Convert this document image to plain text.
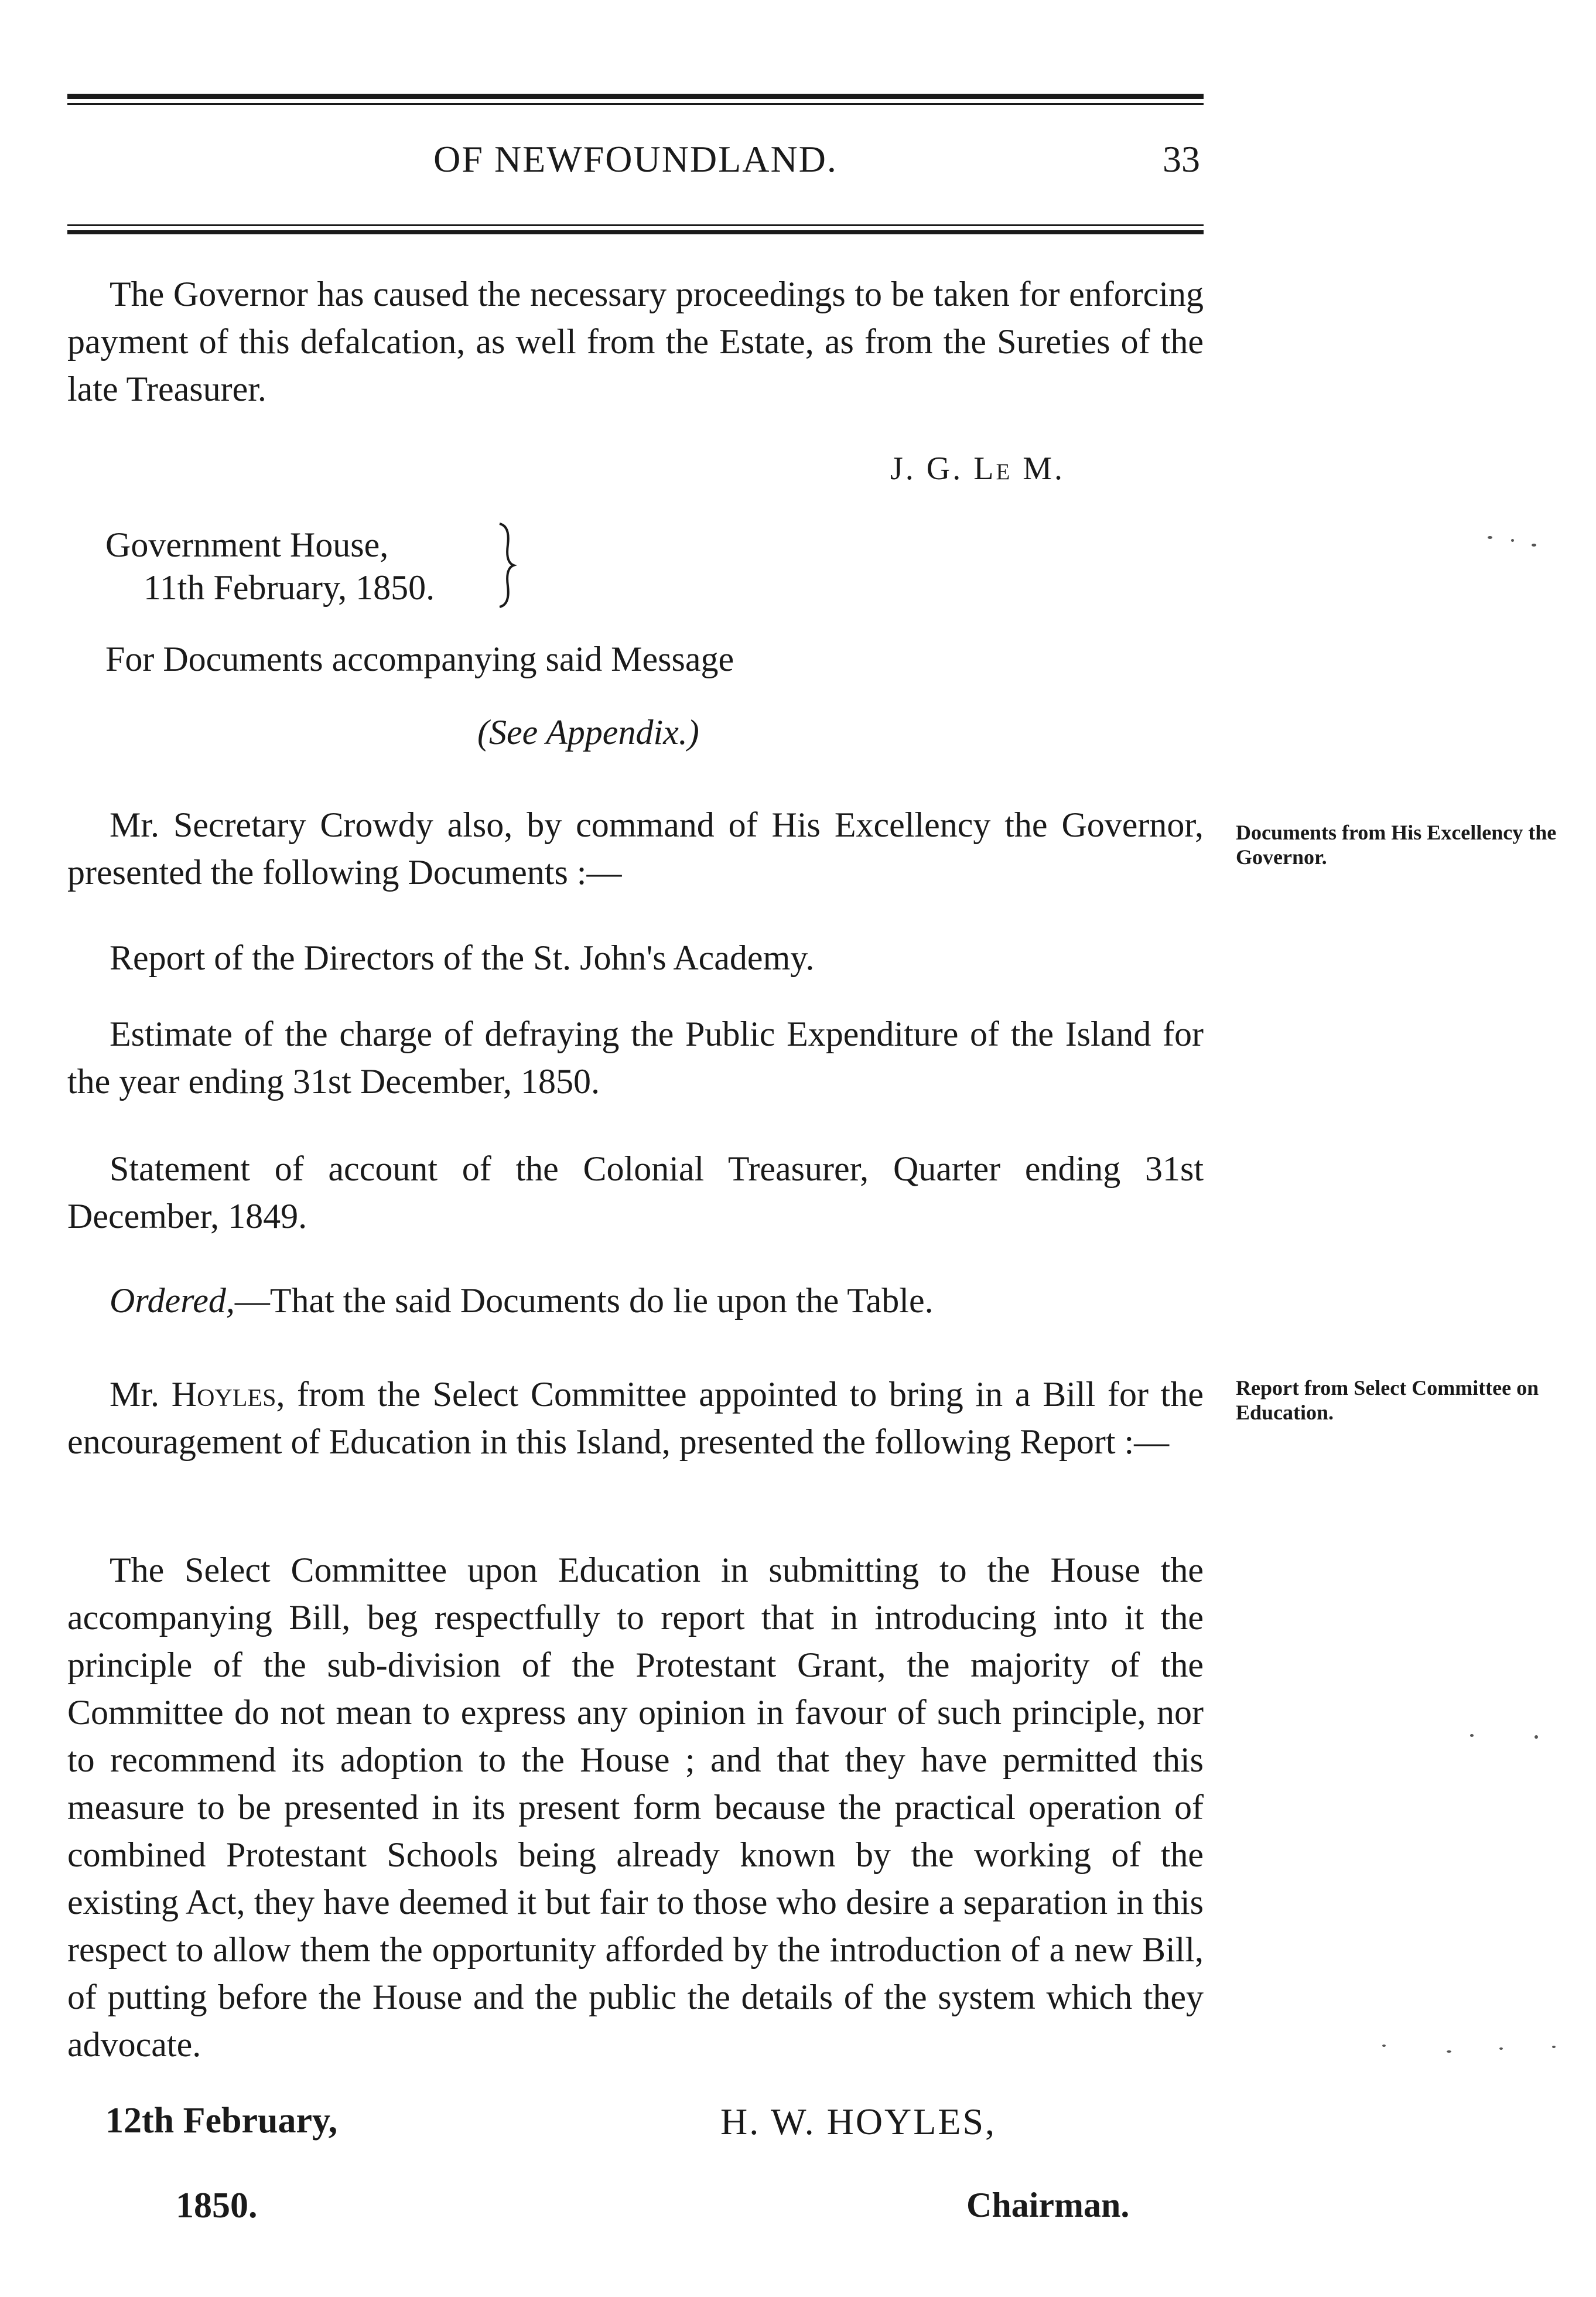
OF NEWFOUNDLAND.	33
The Governor has caused the necessary proceedings to be taken for enforcing payment of this defalcation, as well from the Estate, as from the Sureties of the late Treasurer.
J. G. Le M.
Government House,
11th February, 1850.
For Documents accompanying said Message
(See Appendix.)
Mr. Secretary Crowdy also, by command of His Excellency the Governor, presented the following Documents :—
Report of the Directors of the St. John's Academy.
Estimate of the charge of defraying the Public Expenditure of the Island for the year ending 31st December, 1850.
Statement of account of the Colonial Treasurer, Quarter ending 31st December, 1849.
Ordered,—That the said Documents do lie upon the Table.
Mr. Hoyles, from the Select Committee appointed to bring in a Bill for the encouragement of Education in this Island, presented the following Report :—
The Select Committee upon Education in submitting to the House the accompanying Bill, beg respectfully to report that in introducing into it the principle of the sub-division of the Protestant Grant, the majority of the Committee do not mean to express any opinion in favour of such principle, nor to recommend its adoption to the House ; and that they have permitted this measure to be presented in its present form because the practical operation of combined Protestant Schools being already known by the working of the existing Act, they have deemed it but fair to those who desire a separation in this respect to allow them the opportunity afforded by the introduction of a new Bill, of putting before the House and the public the details of the system which they advocate.
12th February,
1850.
H. W. HOYLES,
Chairman.
Documents from His Excellency the Governor.
Report from Select Committee on Education.
